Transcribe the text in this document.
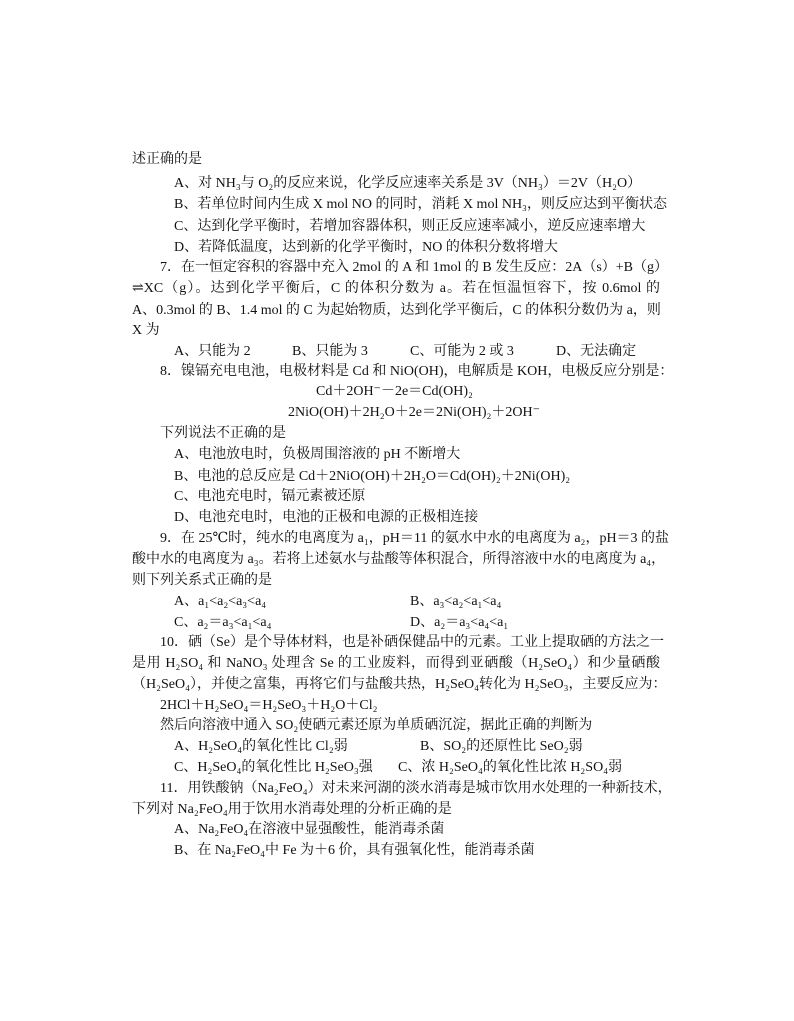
述正确的是
A、对 NH₃与 O₂的反应来说，化学反应速率关系是 3V（NH₃）＝2V（H₂O）
B、若单位时间内生成 X mol NO 的同时，消耗 X mol NH₃，则反应达到平衡状态
C、达到化学平衡时，若增加容器体积，则正反应速率减小，逆反应速率增大
D、若降低温度，达到新的化学平衡时，NO 的体积分数将增大
7．在一恒定容积的容器中充入 2mol 的 A 和 1mol 的 B 发生反应：2A（s）+B（g）
⇌XC（g）。达到化学平衡后，C 的体积分数为 a。若在恒温恒容下，按 0.6mol 的
A、0.3mol 的 B、1.4 mol 的 C 为起始物质，达到化学平衡后，C 的体积分数仍为 a，则
X 为
A、只能为 2	B、只能为 3	C、可能为 2 或 3	D、无法确定
8．镍镉充电电池，电极材料是 Cd 和 NiO(OH)，电解质是 KOH，电极反应分别是：
Cd＋2OH⁻－2e＝Cd(OH)₂
2NiO(OH)＋2H₂O＋2e＝2Ni(OH)₂＋2OH⁻
下列说法不正确的是
A、电池放电时，负极周围溶液的 pH 不断增大
B、电池的总反应是 Cd＋2NiO(OH)＋2H₂O＝Cd(OH)₂＋2Ni(OH)₂
C、电池充电时，镉元素被还原
D、电池充电时，电池的正极和电源的正极相连接
9．在 25℃时，纯水的电离度为 a₁，pH＝11 的氨水中水的电离度为 a₂，pH＝3 的盐
酸中水的电离度为 a₃。若将上述氨水与盐酸等体积混合，所得溶液中水的电离度为 a₄，
则下列关系式正确的是
A、a₁<a₂<a₃<a₄	B、a₃<a₂<a₁<a₄
C、a₂＝a₃<a₁<a₄	D、a₂＝a₃<a₄<a₁
10．硒（Se）是个导体材料，也是补硒保健品中的元素。工业上提取硒的方法之一
是用 H₂SO₄ 和 NaNO₃ 处理含 Se 的工业废料，而得到亚硒酸（H₂SeO₄）和少量硒酸
（H₂SeO₄），并使之富集，再将它们与盐酸共热，H₂SeO₄转化为 H₂SeO₃，主要反应为：
2HCl＋H₂SeO₄＝H₂SeO₃＋H₂O＋Cl₂
然后向溶液中通入 SO₂使硒元素还原为单质硒沉淀，据此正确的判断为
A、H₂SeO₄的氧化性比 Cl₂弱	B、SO₂的还原性比 SeO₂弱
C、H₂SeO₄的氧化性比 H₂SeO₃强 C、浓 H₂SeO₄的氧化性比浓 H₂SO₄弱
11．用铁酸钠（Na₂FeO₄）对未来河湖的淡水消毒是城市饮用水处理的一种新技术，
下列对 Na₂FeO₄用于饮用水消毒处理的分析正确的是
A、Na₂FeO₄在溶液中显强酸性，能消毒杀菌
B、在 Na₂FeO₄中 Fe 为＋6 价，具有强氧化性，能消毒杀菌
